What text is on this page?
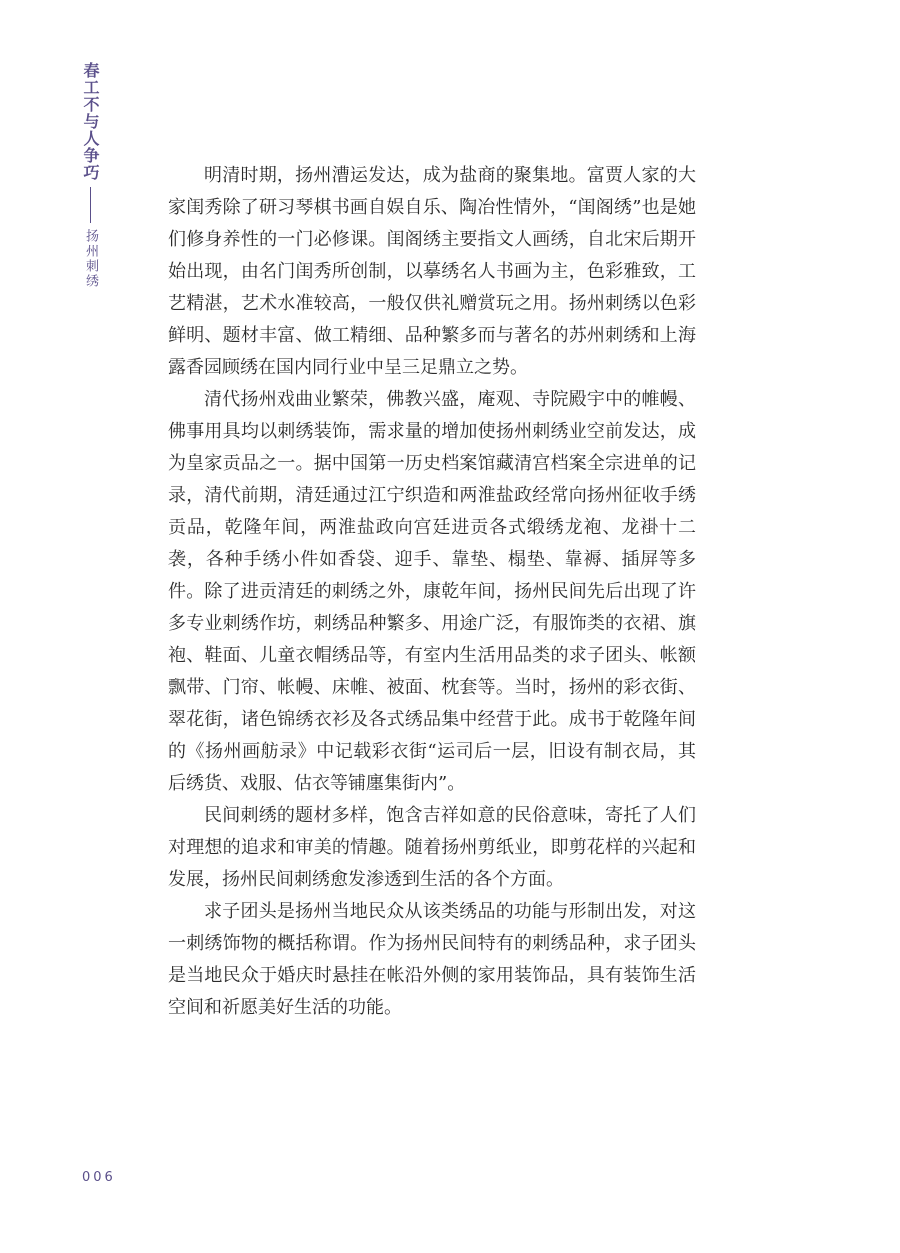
春工不与人争巧
扬州刺绣

明清时期，扬州漕运发达，成为盐商的聚集地。富贾人家的大家闺秀除了研习琴棋书画自娱自乐、陶冶性情外，“闺阁绣”也是她们修身养性的一门必修课。闺阁绣主要指文人画绣，自北宋后期开始出现，由名门闺秀所创制，以摹绣名人书画为主，色彩雅致，工艺精湛，艺术水准较高，一般仅供礼赠赏玩之用。扬州刺绣以色彩鲜明、题材丰富、做工精细、品种繁多而与著名的苏州刺绣和上海露香园顾绣在国内同行业中呈三足鼎立之势。

清代扬州戏曲业繁荣，佛教兴盛，庵观、寺院殿宇中的帷幔、佛事用具均以刺绣装饰，需求量的增加使扬州刺绣业空前发达，成为皇家贡品之一。据中国第一历史档案馆藏清宫档案全宗进单的记录，清代前期，清廷通过江宁织造和两淮盐政经常向扬州征收手绣贡品，乾隆年间，两淮盐政向宫廷进贡各式缎绣龙袍、龙褂十二袭，各种手绣小件如香袋、迎手、靠垫、榻垫、靠褥、插屏等多件。除了进贡清廷的刺绣之外，康乾年间，扬州民间先后出现了许多专业刺绣作坊，刺绣品种繁多、用途广泛，有服饰类的衣裙、旗袍、鞋面、儿童衣帽绣品等，有室内生活用品类的求子团头、帐额飘带、门帘、帐幔、床帷、被面、枕套等。当时，扬州的彩衣街、翠花街，诸色锦绣衣衫及各式绣品集中经营于此。成书于乾隆年间的《扬州画舫录》中记载彩衣街“运司后一层，旧设有制衣局，其后绣货、戏服、估衣等铺廛集街内”。

民间刺绣的题材多样，饱含吉祥如意的民俗意味，寄托了人们对理想的追求和审美的情趣。随着扬州剪纸业，即剪花样的兴起和发展，扬州民间刺绣愈发渗透到生活的各个方面。

求子团头是扬州当地民众从该类绣品的功能与形制出发，对这一刺绣饰物的概括称谓。作为扬州民间特有的刺绣品种，求子团头是当地民众于婚庆时悬挂在帐沿外侧的家用装饰品，具有装饰生活空间和祈愿美好生活的功能。

006
